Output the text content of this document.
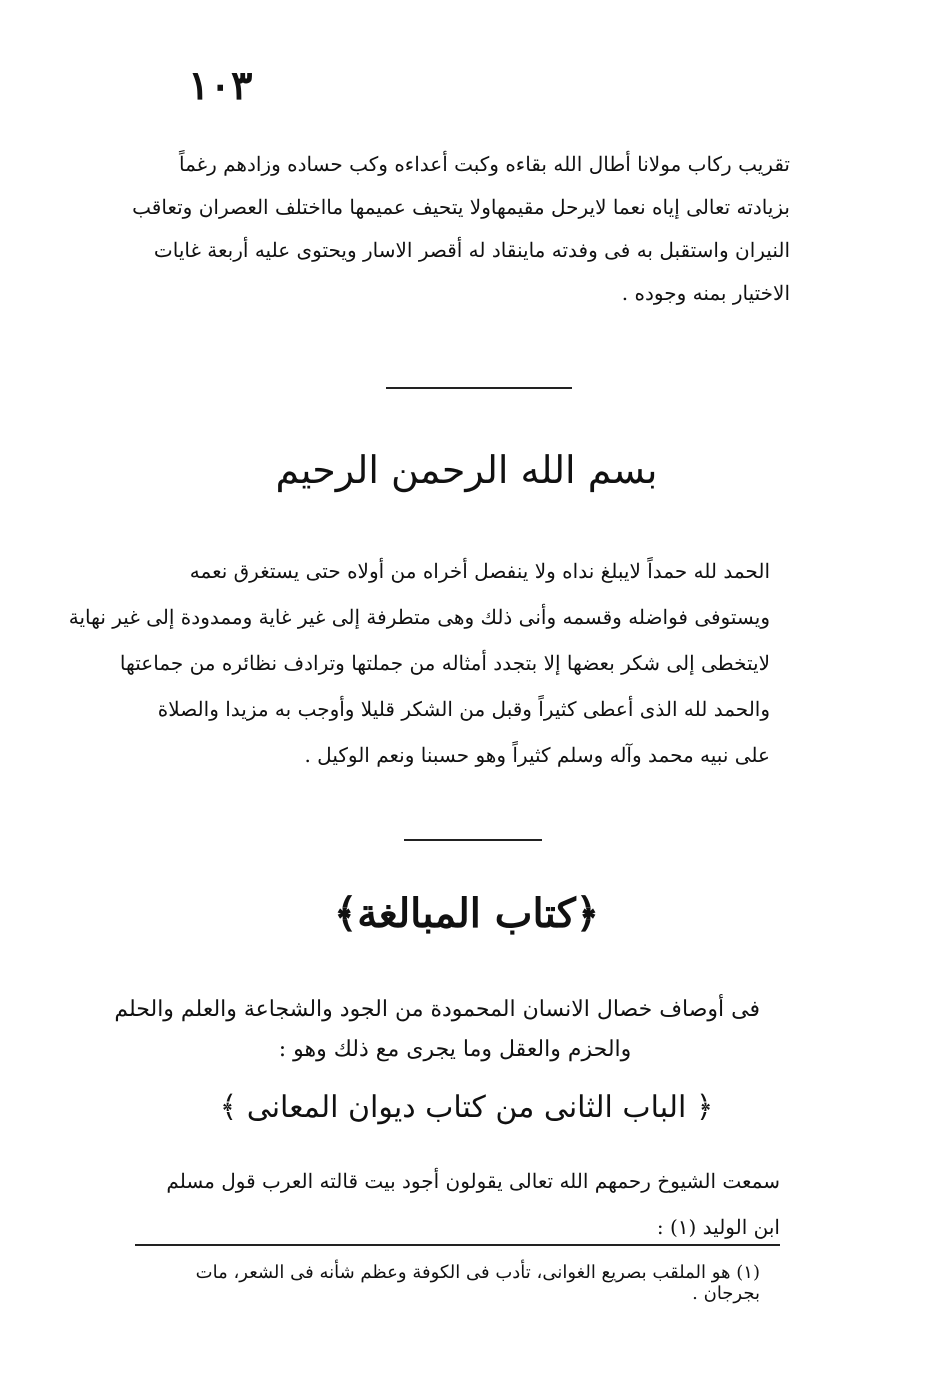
١٠٣
تقريب ركاب مولانا أطال الله بقاءه وكبت أعداءه وكب حساده وزادهم رغماً
بزيادته تعالى إياه نعما لايرحل مقيمهاولا يتحيف عميمها مااختلف العصران وتعاقب
النيران واستقبل به فى وفدته ماينقاد له أقصر الاسار ويحتوى عليه أربعة غايات
الاختيار بمنه وجوده .
بسم الله الرحمن الرحيم
الحمد لله حمداً لايبلغ نداه ولا ينفصل أخراه من أولاه حتى يستغرق نعمه
ويستوفى فواضله وقسمه وأنى ذلك وهى متطرفة إلى غير غاية وممدودة إلى غير نهاية
لايتخطى إلى شكر بعضها إلا بتجدد أمثاله من جملتها وترادف نظائره من جماعتها
والحمد لله الذى أعطى كثيراً وقبل من الشكر قليلا وأوجب به مزيدا والصلاة
على نبيه محمد وآله وسلم كثيراً وهو حسبنا ونعم الوكيل .
﴿كتاب المبالغة﴾
فى أوصاف خصال الانسان المحمودة من الجود والشجاعة والعلم والحلم
والحزم والعقل وما يجرى مع ذلك وهو :
﴿ الباب الثانى من كتاب ديوان المعانى ﴾
سمعت الشيوخ رحمهم الله تعالى يقولون أجود بيت قالته العرب قول مسلم
ابن الوليد (١) :
(١) هو الملقب بصريع الغوانى، تأدب فى الكوفة وعظم شأنه فى الشعر، مات بجرجان .
